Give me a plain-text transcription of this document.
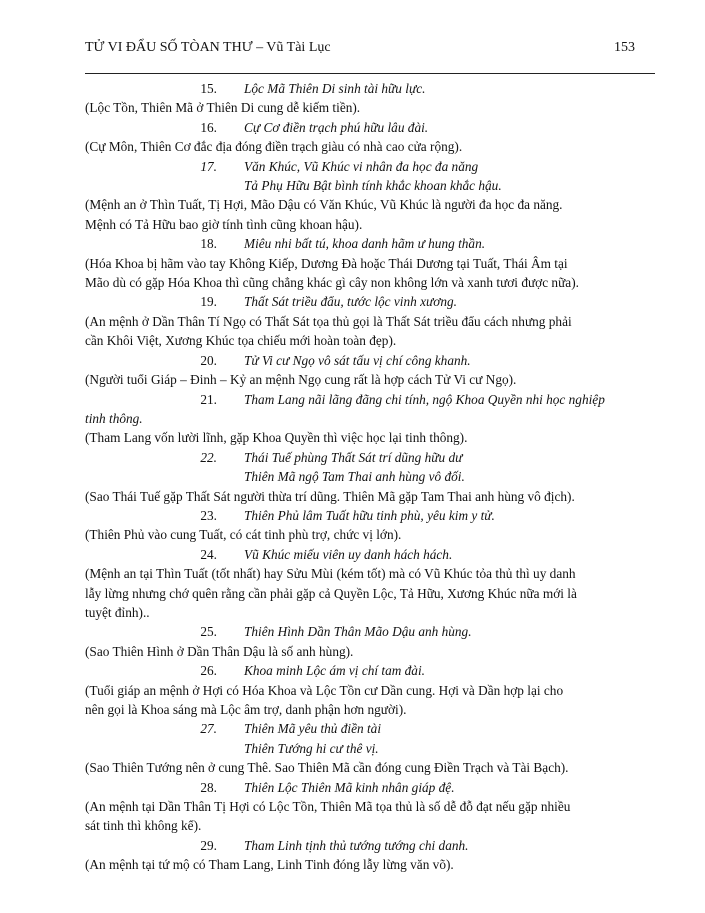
TỬ VI ĐẨU SỐ TÒAN THƯ – Vũ Tài Lục	153
15. Lộc Mã Thiên Di sinh tài hữu lực.
(Lộc Tồn, Thiên Mã ở Thiên Di cung dễ kiếm tiền).
16. Cự Cơ điền trạch phú hữu lâu đài.
(Cự Môn, Thiên Cơ đắc địa đóng điền trạch giàu có nhà cao cửa rộng).
17. Văn Khúc, Vũ Khúc vi nhân đa học đa năng
Tả Phụ Hữu Bật bình tính khắc khoan khắc hậu.
(Mệnh an ở Thìn Tuất, Tị Hợi, Mão Dậu có Văn Khúc, Vũ Khúc là người đa học đa năng.
Mệnh có Tả Hữu bao giờ tính tình cũng khoan hậu).
18. Miêu nhi bất tú, khoa danh hãm ư hung thần.
(Hóa Khoa bị hãm vào tay Không Kiếp, Dương Đà hoặc Thái Dương tại Tuất, Thái Âm tại
Mão dù có gặp Hóa Khoa thì cũng chẳng khác gì cây non không lớn và xanh tươi được nữa).
19. Thất Sát triều đẩu, tước lộc vinh xương.
(An mệnh ở Dần Thân Tí Ngọ có Thất Sát tọa thủ gọi là Thất Sát triều đẩu cách nhưng phải
cần Khôi Việt, Xương Khúc tọa chiếu mới hoàn toàn đẹp).
20. Tử Vi cư Ngọ vô sát tấu vị chí công khanh.
(Người tuổi Giáp – Đinh – Kỷ an mệnh Ngọ cung rất là hợp cách Tử Vi cư Ngọ).
21. Tham Lang nãi lãng đãng chi tính, ngộ Khoa Quyền nhi học nghiệp
tinh thông.
(Tham Lang vốn lười lĩnh, gặp Khoa Quyền thì việc học lại tinh thông).
22. Thái Tuế phùng Thất Sát trí dũng hữu dư
Thiên Mã ngộ Tam Thai anh hùng vô đối.
(Sao Thái Tuế gặp Thất Sát người thừa trí dũng. Thiên Mã gặp Tam Thai anh hùng vô địch).
23. Thiên Phủ lâm Tuất hữu tinh phù, yêu kim y tử.
(Thiên Phủ vào cung Tuất, có cát tinh phù trợ, chức vị lớn).
24. Vũ Khúc miếu viên uy danh hách hách.
(Mệnh an tại Thìn Tuất (tốt nhất) hay Sửu Mùi (kém tốt) mà có Vũ Khúc tỏa thủ thì uy danh
lẫy lừng nhưng chớ quên rằng cần phải gặp cả Quyền Lộc, Tả Hữu, Xương Khúc nữa mới là
tuyệt đỉnh)..
25. Thiên Hình Dần Thân Mão Dậu anh hùng.
(Sao Thiên Hình ở Dần Thân Dậu là số anh hùng).
26. Khoa minh Lộc ám vị chí tam đài.
(Tuổi giáp an mệnh ở Hợi có Hóa Khoa và Lộc Tồn cư Dần cung. Hợi và Dần hợp lại cho
nên gọi là Khoa sáng mà Lộc âm trợ, danh phận hơn người).
27. Thiên Mã yêu thủ điền tài
Thiên Tướng hi cư thê vị.
(Sao Thiên Tướng nên ở cung Thê. Sao Thiên Mã cần đóng cung Điền Trạch và Tài Bạch).
28. Thiên Lộc Thiên Mã kinh nhân giáp đệ.
(An mệnh tại Dần Thân Tị Hợi có Lộc Tồn, Thiên Mã tọa thủ là số dễ đỗ đạt nếu gặp nhiều
sát tinh thì không kể).
29. Tham Linh tịnh thủ tướng tướng chi danh.
(An mệnh tại tứ mộ có Tham Lang, Linh Tinh đóng lẫy lừng văn võ).
